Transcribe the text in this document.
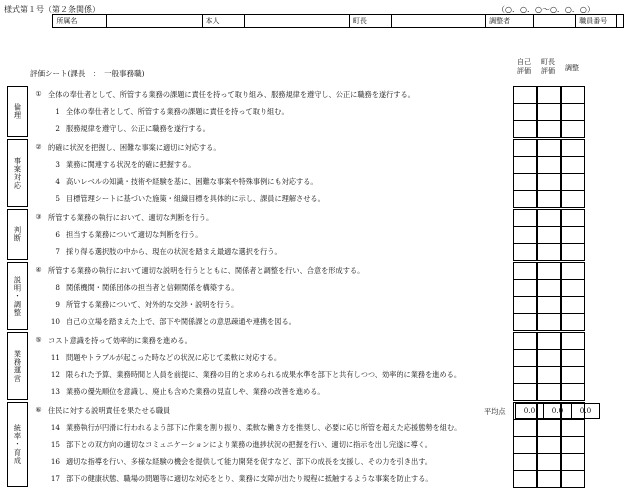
様式第１号（第２条関係）	（○．○．○〜○．○．○）
	所属名		本人		町長		調整者		職員番号	
評価シート(課長　：　一般事務職)
自己
評価
町長
評価	調整
倫理
① 全体の奉仕者として、所管する業務の課題に責任を持って取り組み、服務規律を遵守し、公正に職務を遂行する。
1 全体の奉仕者として、所管する業務の課題に責任を持って取り組む。
2 服務規律を遵守し、公正に職務を遂行する。
事案対応
② 的確に状況を把握し、困難な事案に適切に対応する。
3 業務に関連する状況を的確に把握する。
4 高いレベルの知識・技術や経験を基に、困難な事案や特殊事例にも対応する。
5 目標管理シートに基づいた施策・組織目標を具体的に示し、課員に理解させる。
判断
③ 所管する業務の執行において、適切な判断を行う。
6 担当する業務について適切な判断を行う。
7 採り得る選択肢の中から、現在の状況を踏まえ最適な選択を行う。
説明・調整
④ 所管する業務の執行において適切な説明を行うとともに、関係者と調整を行い、合意を形成する。
8 関係機関・関係団体の担当者と信頼関係を構築する。
9 所管する業務について、対外的な交渉・説明を行う。
10 自己の立場を踏まえた上で、部下や関係課との意思疎通や連携を図る。
業務運営
⑤ コスト意識を持って効率的に業務を進める。
11 問題やトラブルが起こった時などの状況に応じて柔軟に対応する。
12 限られた予算、業務時間と人員を前提に、業務の目的と求められる成果水準を部下と共有しつつ、効率的に業務を進める。
13 業務の優先順位を意識し、廃止も含めた業務の見直しや、業務の改善を進める。
統率・育成
⑥ 住民に対する説明責任を果たせる職員
14 業務執行が円滑に行われるよう部下に作業を割り振り、柔軟な働き方を推奨し、必要に応じ所管を超えた応援態勢を組む。
15 部下との双方向の適切なコミュニケーションにより業務の進捗状況の把握を行い、適切に指示を出し完遂に導く。
16 適切な指導を行い、多様な経験の機会を提供して能力開発を促すなど、部下の成長を支援し、その力を引き出す。
17 部下の健康状態、職場の問題等に適切な対応をとり、業務に支障が出たり規程に抵触するような事案を防止する。
平均点	0.0	0.0	0.0
